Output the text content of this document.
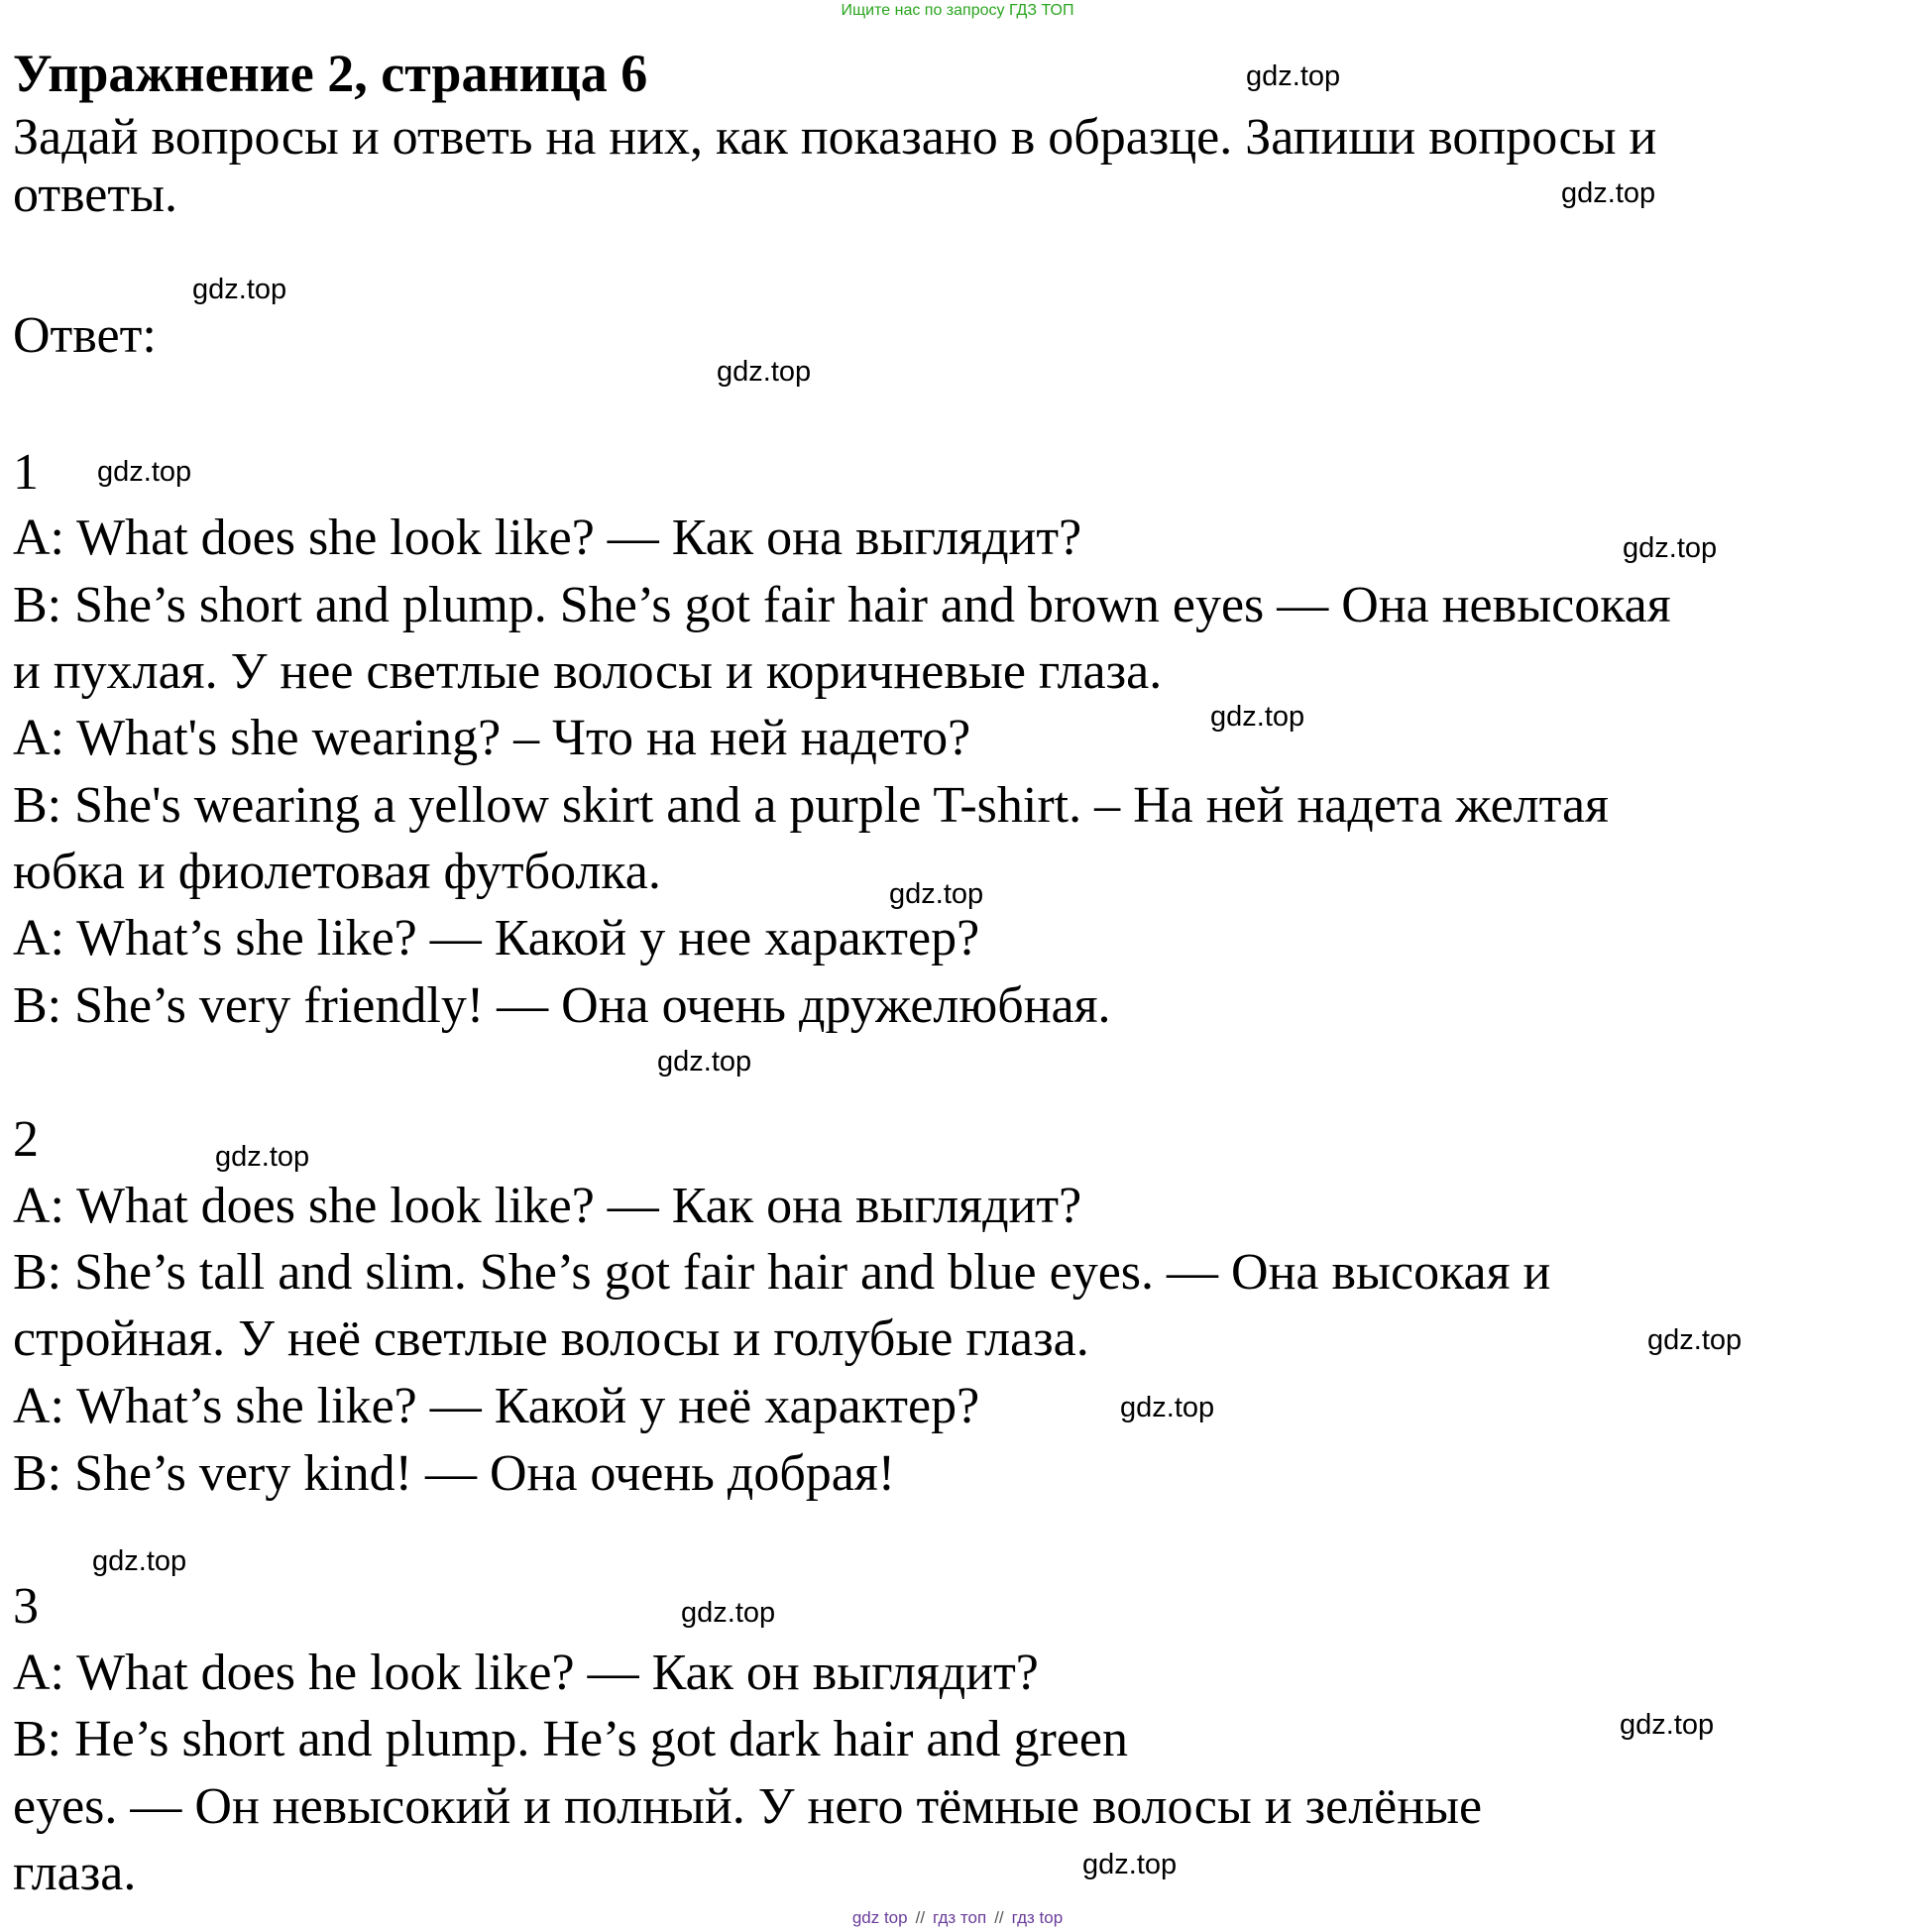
Ищите нас по запросу ГДЗ ТОП
Упражнение 2, страница 6
Задай вопросы и ответь на них, как показано в образце. Запиши вопросы и
ответы.
Ответ:
1
A: What does she look like? — Как она выглядит?
B: She’s short and plump. She’s got fair hair and brown eyes — Она невысокая
и пухлая. У нее светлые волосы и коричневые глаза.
A: What's she wearing? – Что на ней надето?
B: She's wearing a yellow skirt and a purple T-shirt. – На ней надета желтая
юбка и фиолетовая футболка.
A: What’s she like? — Какой у нее характер?
B: She’s very friendly! — Она очень дружелюбная.
2
A: What does she look like? — Как она выглядит?
B: She’s tall and slim. She’s got fair hair and blue eyes. — Она высокая и
стройная. У неё светлые волосы и голубые глаза.
A: What’s she like? — Какой у неё характер?
B: She’s very kind! — Она очень добрая!
3
A: What does he look like? — Как он выглядит?
B: He’s short and plump. He’s got dark hair and green
eyes. — Он невысокий и полный. У него тёмные волосы и зелёные
глаза.
gdz.top
gdz.top
gdz.top
gdz.top
gdz.top
gdz.top
gdz.top
gdz.top
gdz.top
gdz.top
gdz.top
gdz.top
gdz.top
gdz.top
gdz.top
gdz.top
gdz top // гдз топ // гдз top
